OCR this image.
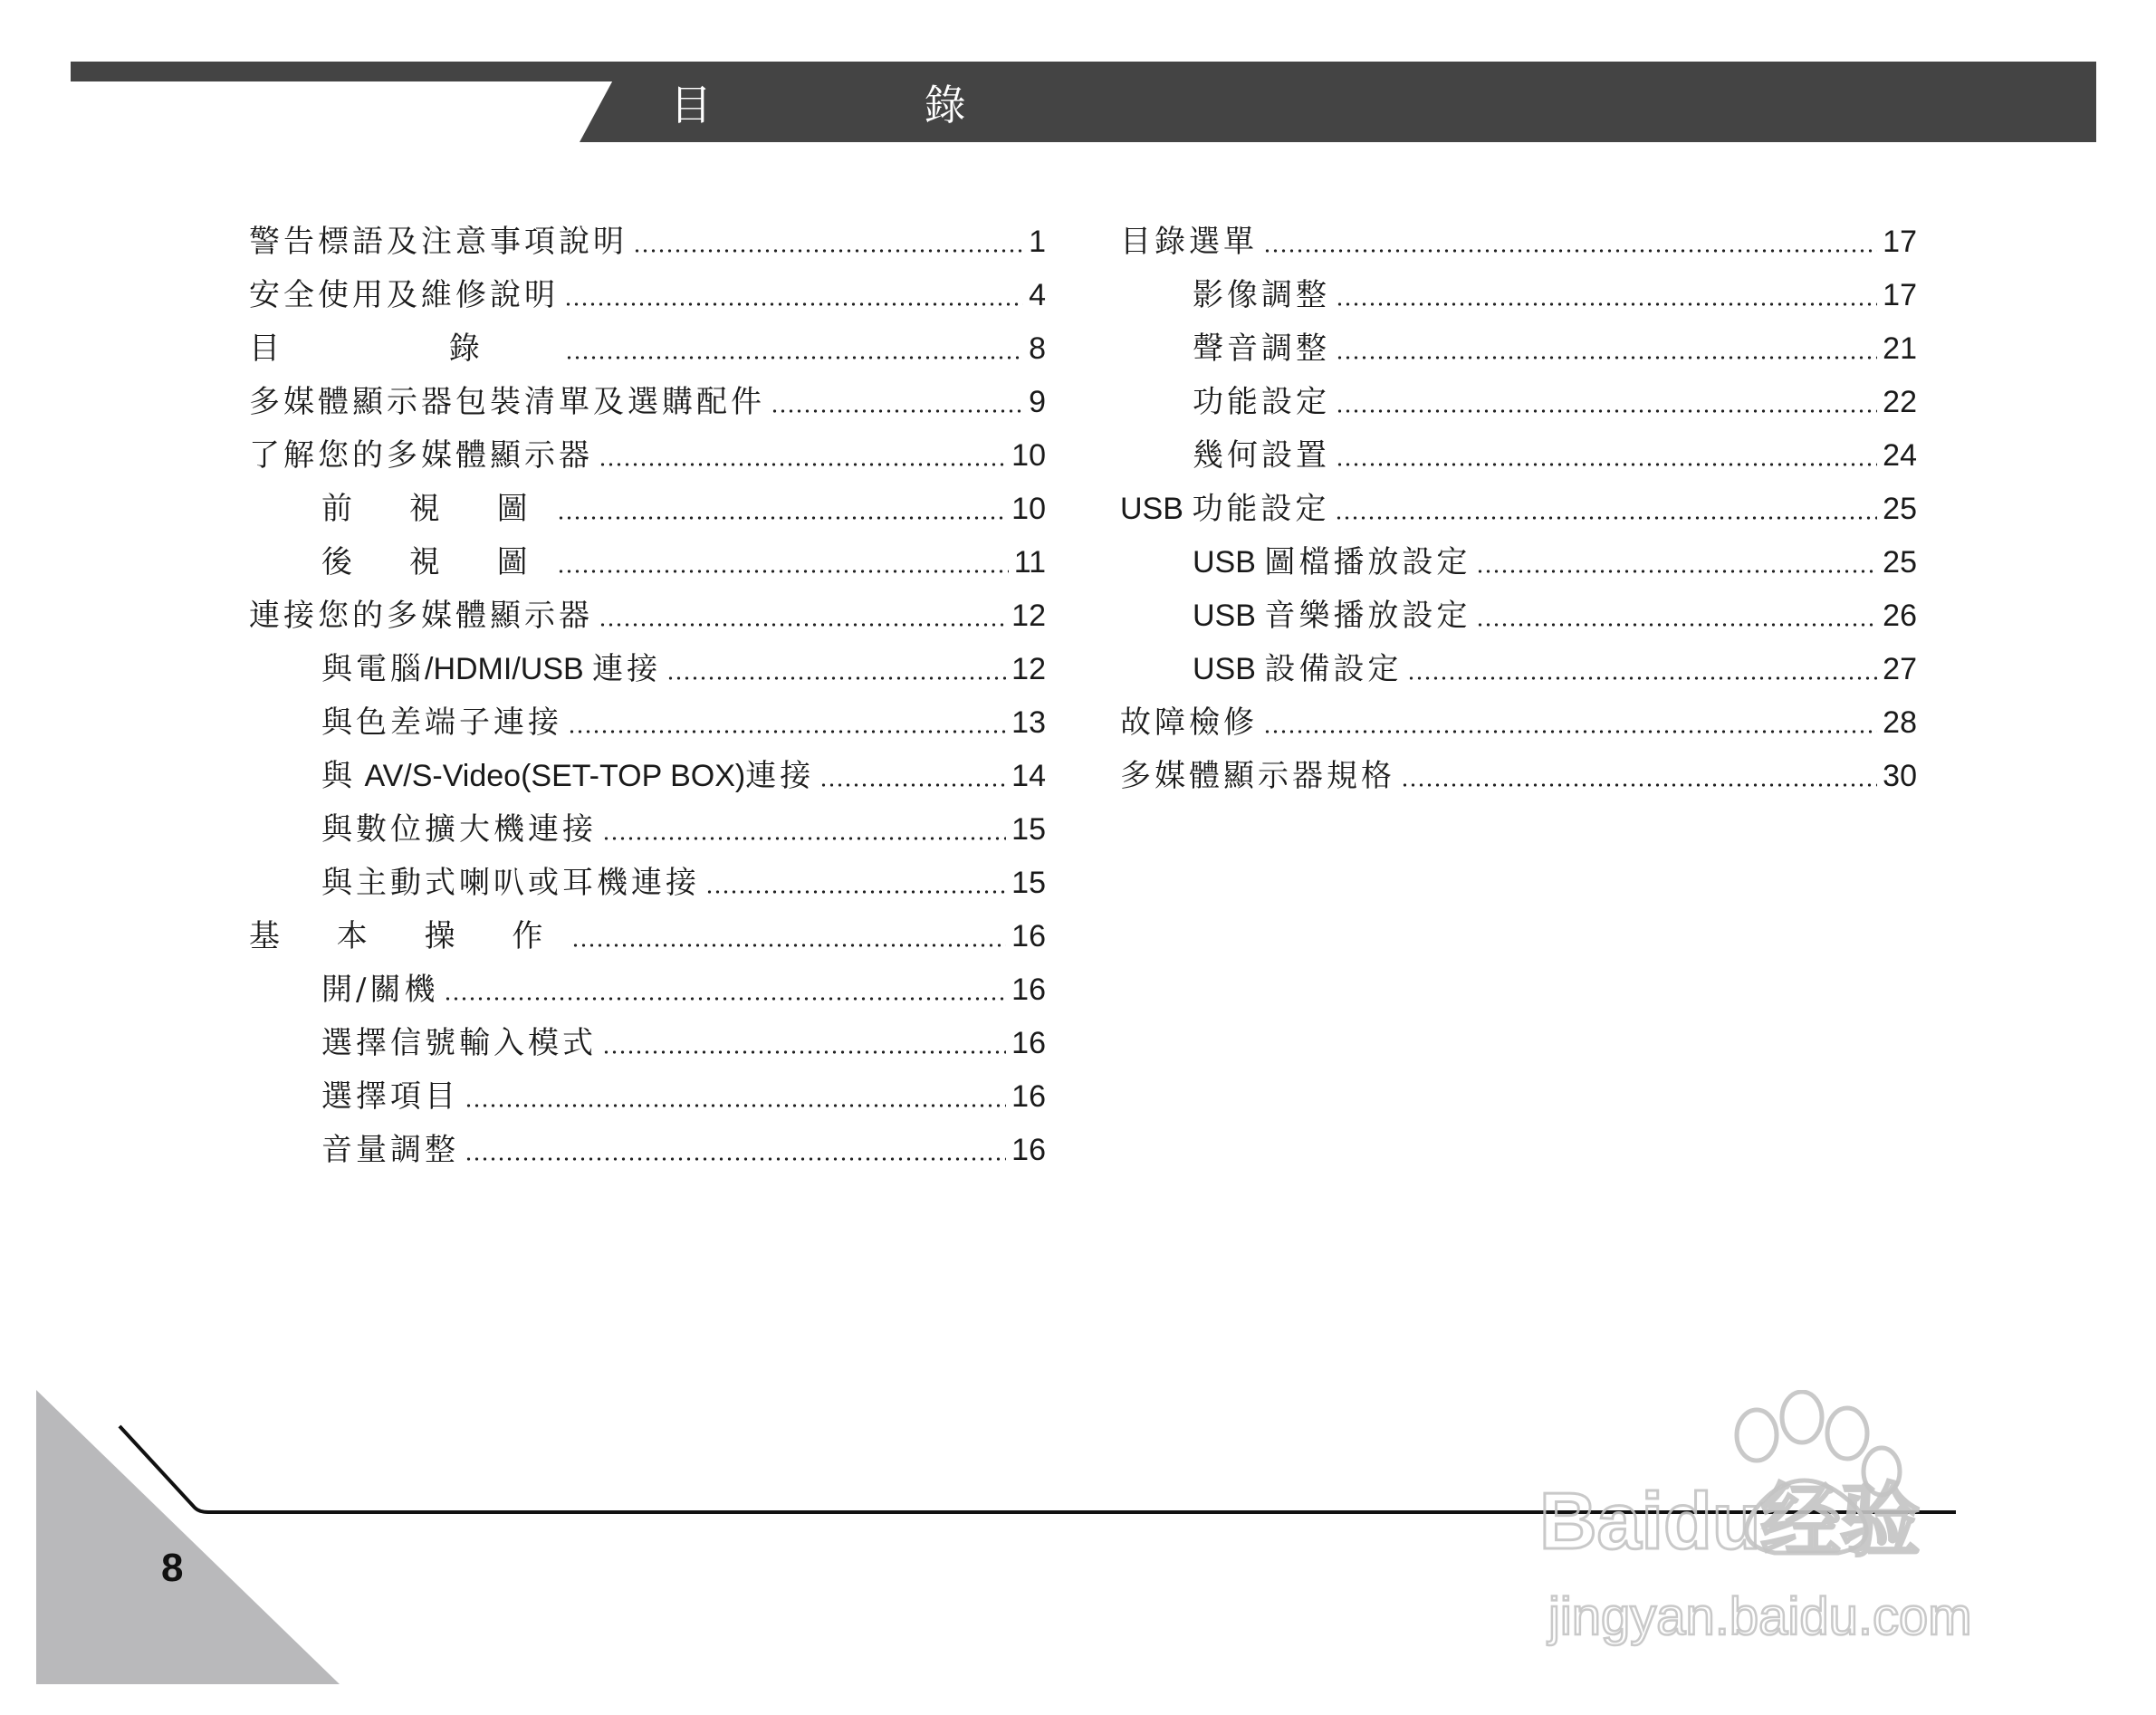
目 錄
警告標語及注意事項說明	1
安全使用及維修說明	4
目 錄	8
多媒體顯示器包裝清單及選購配件	9
了解您的多媒體顯示器	10
前 視 圖	10
後 視 圖	11
連接您的多媒體顯示器	12
與電腦/HDMI/USB 連接	12
與色差端子連接	13
與 AV/S-Video(SET-TOP BOX)連接	14
與數位擴大機連接	15
與主動式喇叭或耳機連接	15
基 本 操 作	16
開/關機	16
選擇信號輸入模式	16
選擇項目	16
音量調整	16
目錄選單	17
影像調整	17
聲音調整	21
功能設定	22
幾何設置	24
USB 功能設定	25
USB 圖檔播放設定	25
USB 音樂播放設定	26
USB 設備設定	27
故障檢修	28
多媒體顯示器規格	30
8
Baidu经验
jingyan.baidu.com
